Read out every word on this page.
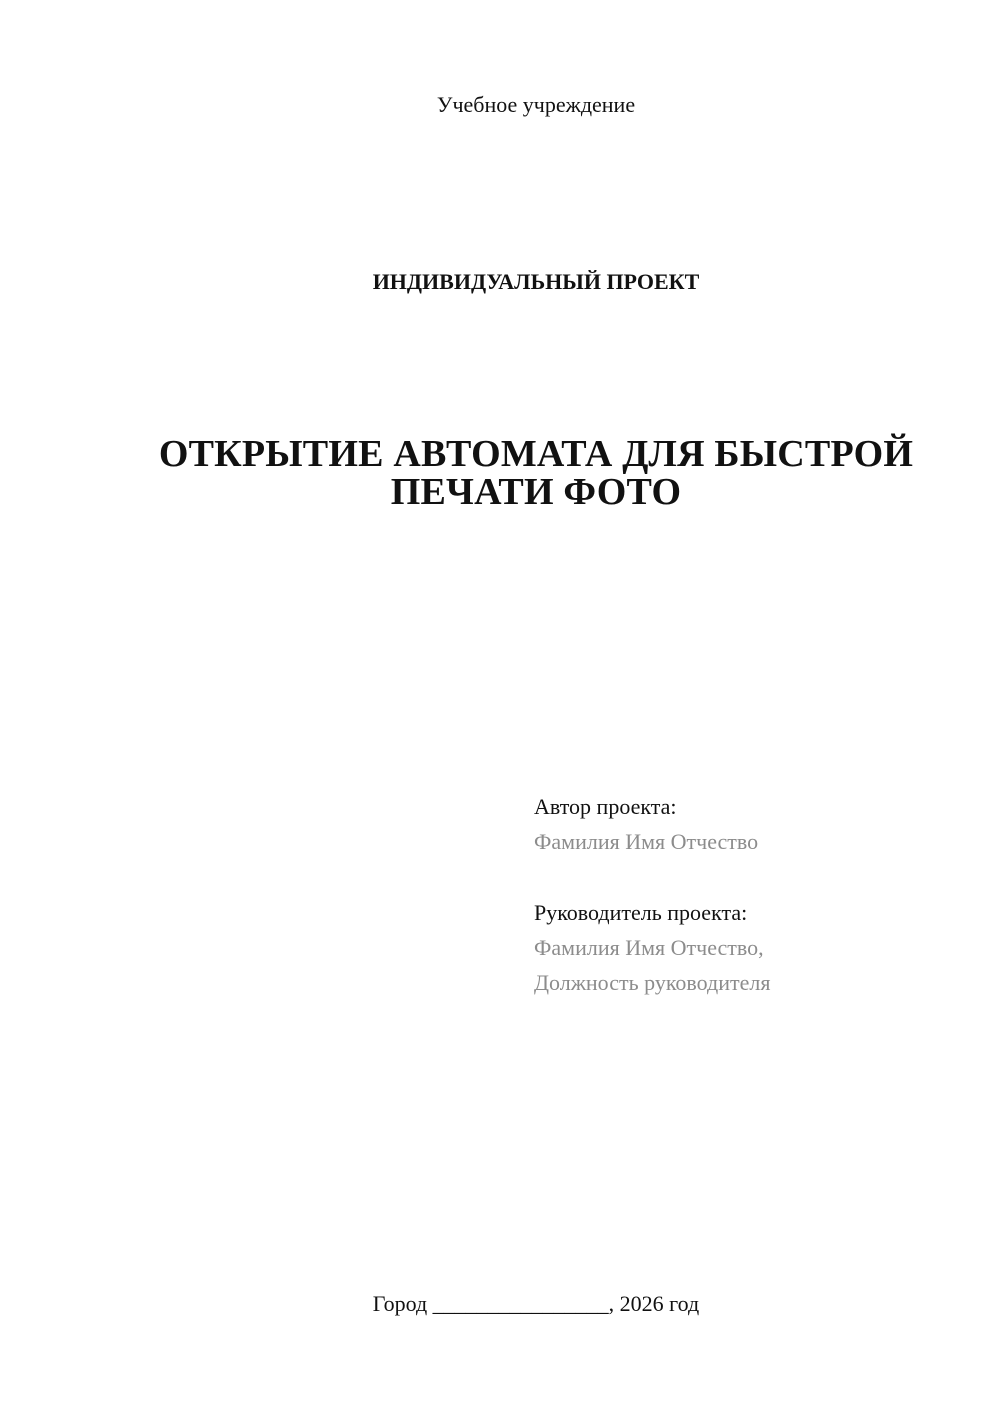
Учебное учреждение
ИНДИВИДУАЛЬНЫЙ ПРОЕКТ
ОТКРЫТИЕ АВТОМАТА ДЛЯ БЫСТРОЙ
ПЕЧАТИ ФОТО
Автор проекта:
Фамилия Имя Отчество
Руководитель проекта:
Фамилия Имя Отчество,
Должность руководителя
Город ________________, 2026 год
